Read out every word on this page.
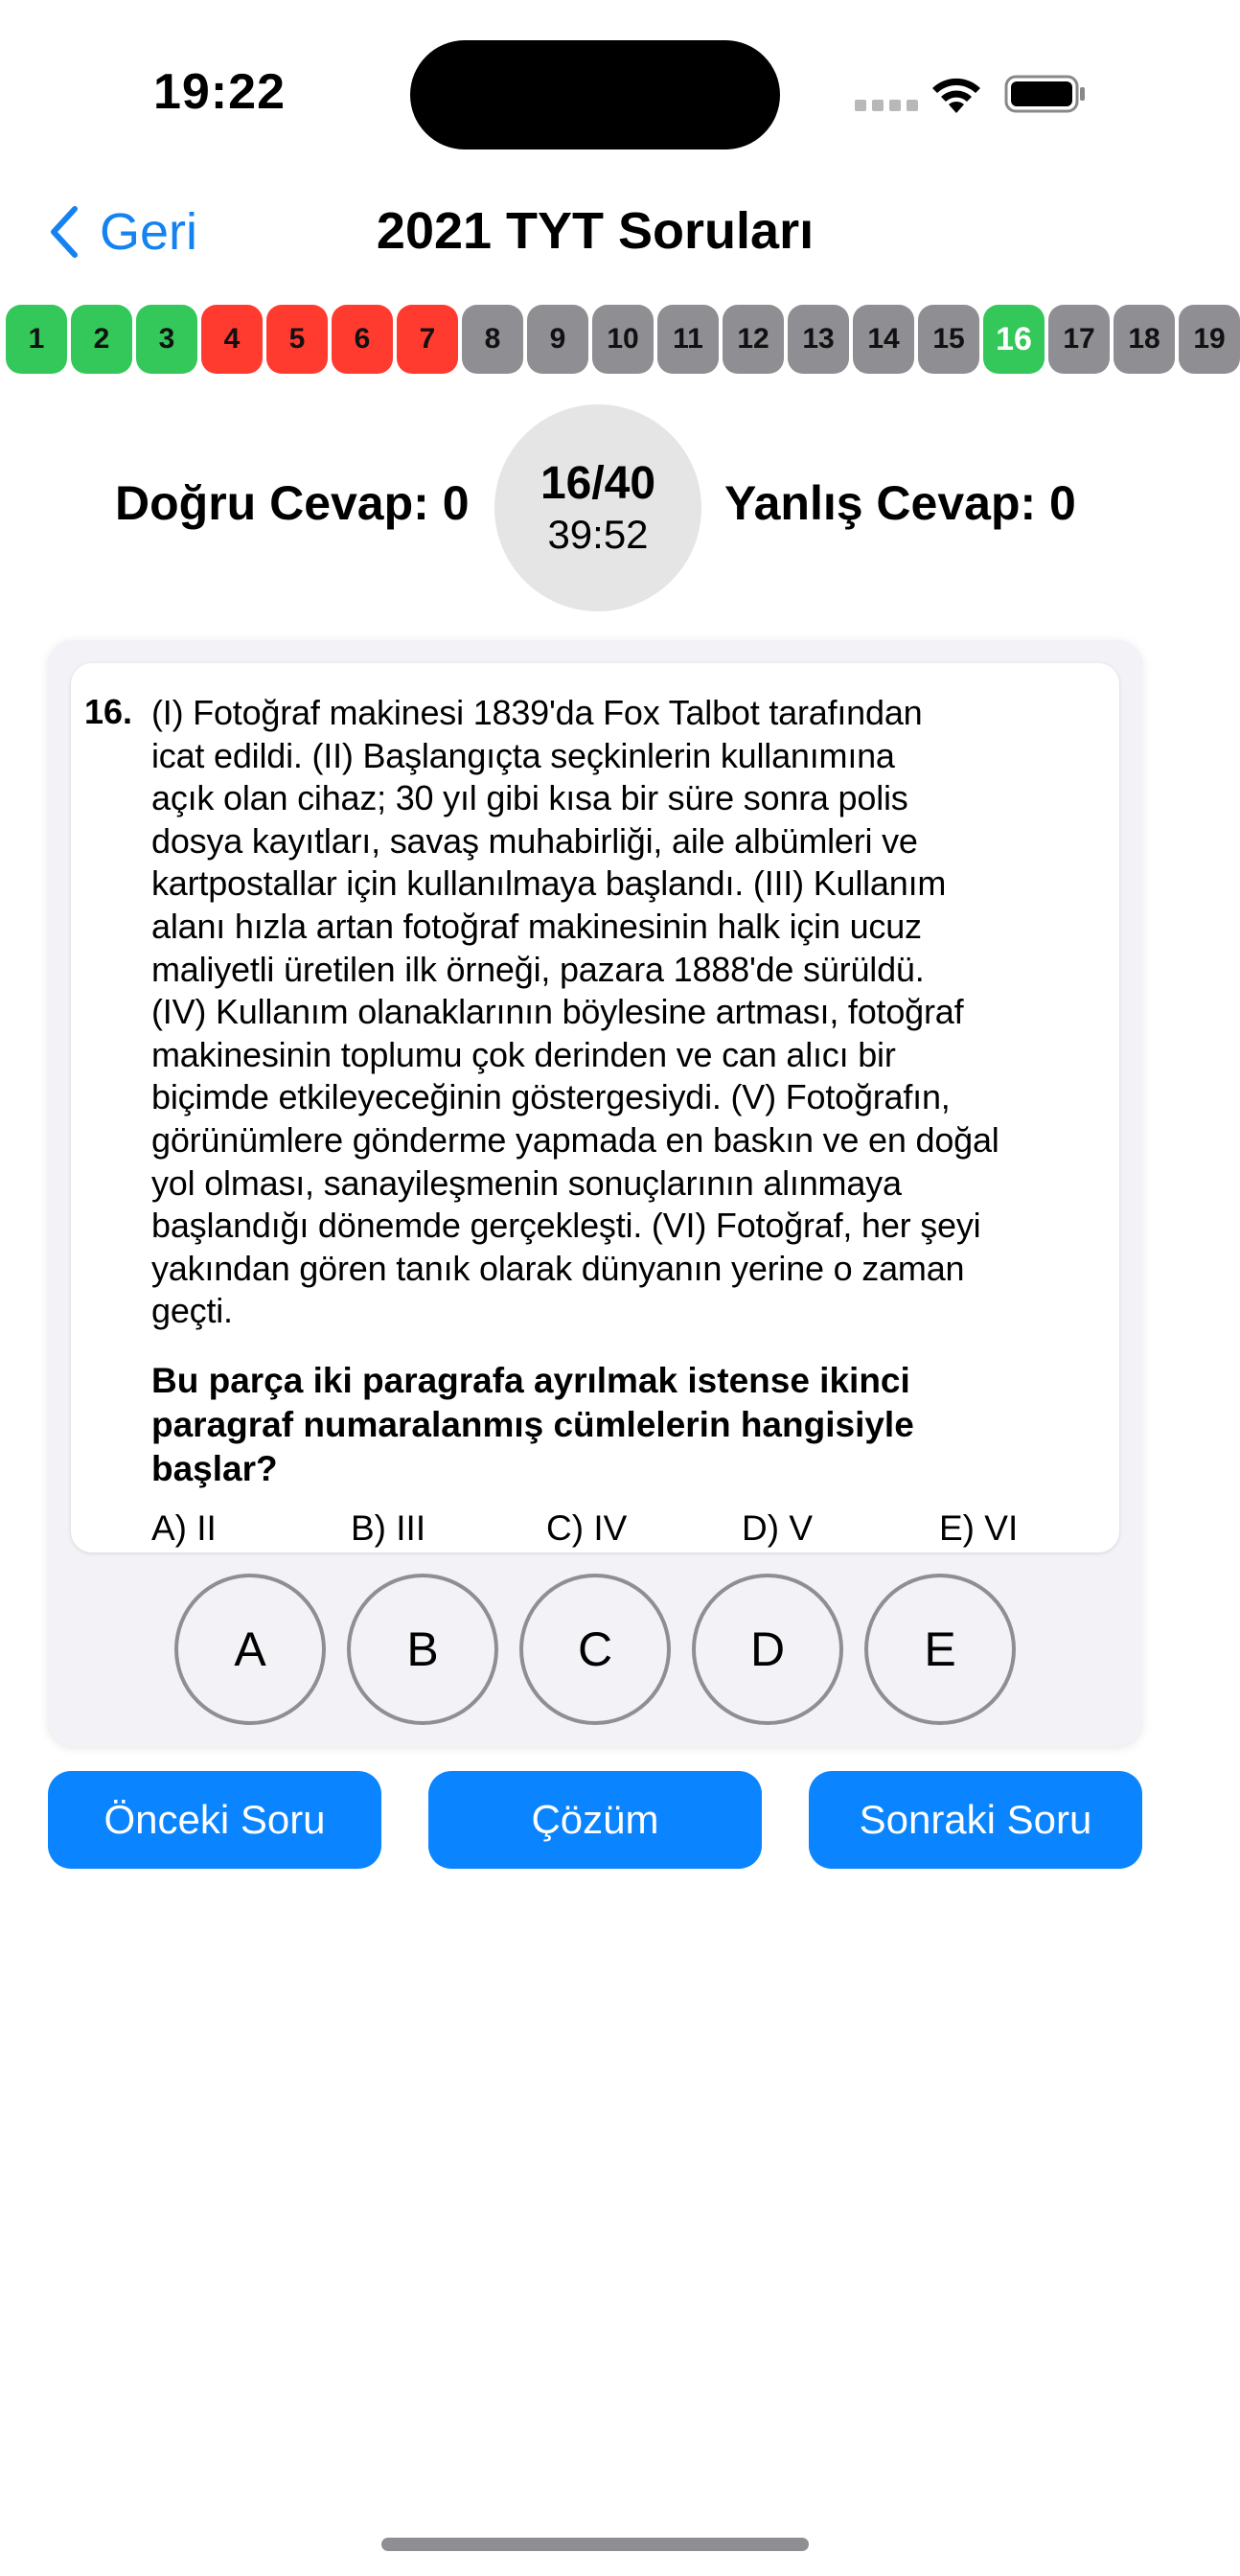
19:22
Geri	2021 TYT Soruları
1	2	3	4	5	6	7	8	9	10	11	12	13	14	15 16	17	18	19
Doğru Cevap: 0 16/40
39:52
Yanlış Cevap: 0
16. (I) Fotoğraf makinesi 1839'da Fox Talbot tarafından
icat edildi. (II) Başlangıçta seçkinlerin kullanımına
açık olan cihaz; 30 yıl gibi kısa bir süre sonra polis
dosya kayıtları, savaş muhabirliği, aile albümleri ve
kartpostallar için kullanılmaya başlandı. (III) Kullanım
alanı hızla artan fotoğraf makinesinin halk için ucuz
maliyetli üretilen ilk örneği, pazara 1888'de sürüldü.
(IV) Kullanım olanaklarının böylesine artması, fotoğraf
makinesinin toplumu çok derinden ve can alıcı bir
biçimde etkileyeceğinin göstergesiydi. (V) Fotoğrafın,
görünümlere gönderme yapmada en baskın ve en doğal
yol olması, sanayileşmenin sonuçlarının alınmaya
başlandığı dönemde gerçekleşti. (VI) Fotoğraf, her şeyi
yakından gören tanık olarak dünyanın yerine o zaman
geçti.
Bu parça iki paragrafa ayrılmak istense ikinci
paragraf numaralanmış cümlelerin hangisiyle
başlar?
A) II	B) III	C) IV	D) V	E) VI
A	B	C	D	E
Önceki Soru	Çözüm	Sonraki Soru
